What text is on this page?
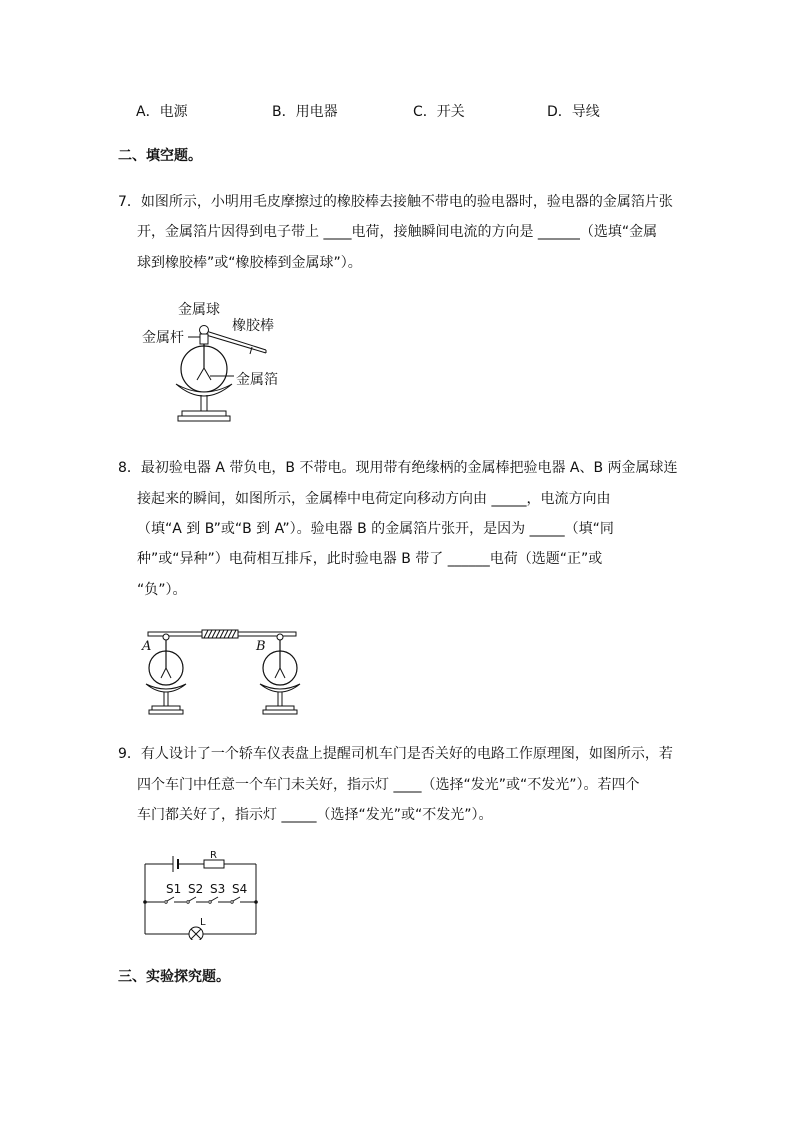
A．电源	B．用电器	C．开关	D．导线
二、填空题。
7．如图所示，小明用毛皮摩擦过的橡胶棒去接触不带电的验电器时，验电器的金属箔片张
开，金属箔片因得到电子带上 ____电荷，接触瞬间电流的方向是 ______（选填“金属
球到橡胶棒”或“橡胶棒到金属球”）。
金属球
金属杆
橡胶棒
金属箔
8．最初验电器 A 带负电，B 不带电。现用带有绝缘柄的金属棒把验电器 A、B 两金属球连
接起来的瞬间，如图所示，金属棒中电荷定向移动方向由 _____，电流方向由
（填“A 到 B”或“B 到 A”）。验电器 B 的金属箔片张开，是因为 _____（填“同
种”或“异种”）电荷相互排斥，此时验电器 B 带了 ______电荷（选题“正”或
“负”）。
A	B
9．有人设计了一个轿车仪表盘上提醒司机车门是否关好的电路工作原理图，如图所示，若
四个车门中任意一个车门未关好，指示灯 ____（选择“发光”或“不发光”）。若四个
车门都关好了，指示灯 _____（选择“发光”或“不发光”）。
R
S1 S2 S3 S4
L
三、实验探究题。
